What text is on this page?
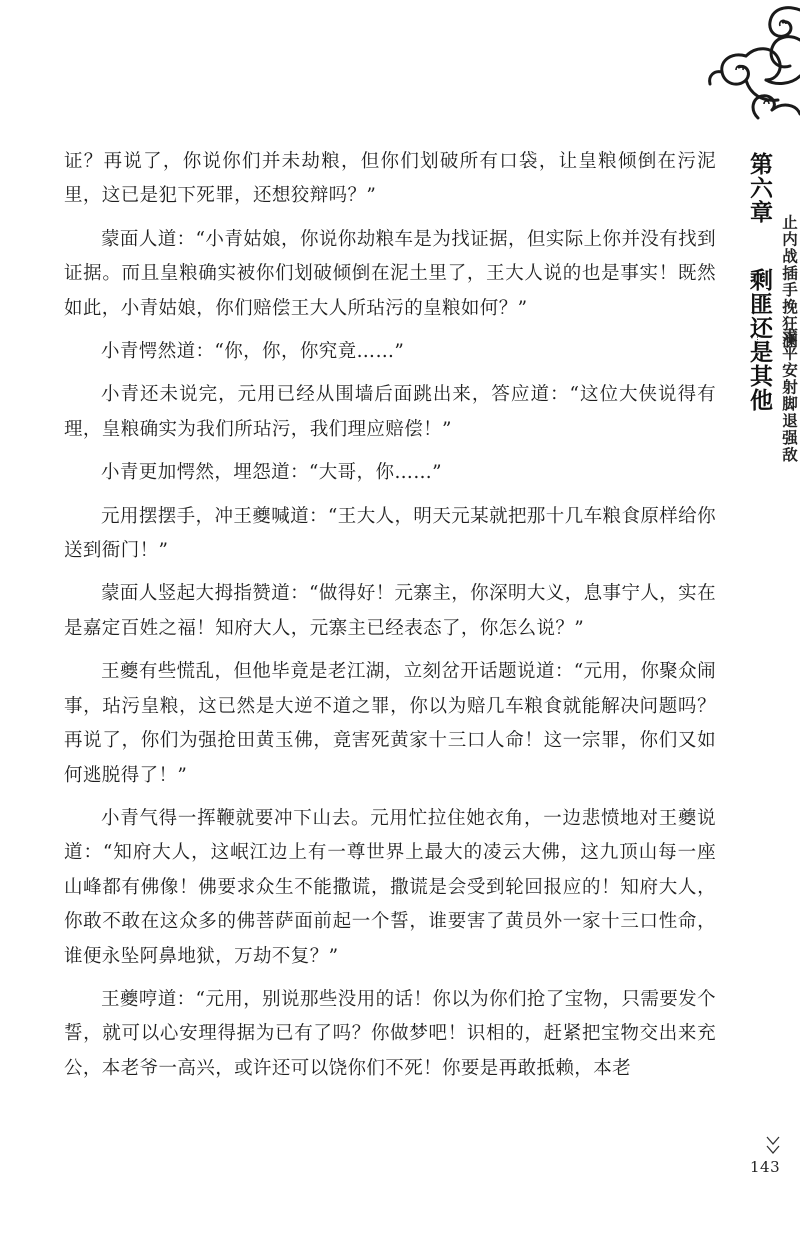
第六章 剩匪还是其他 止内战插手挽狂澜
求平安射脚退强敌

证？再说了，你说你们并未劫粮，但你们划破所有口袋，让皇粮倾倒在污泥里，这已是犯下死罪，还想狡辩吗？”

蒙面人道：“小青姑娘，你说你劫粮车是为找证据，但实际上你并没有找到证据。而且皇粮确实被你们划破倾倒在泥土里了，王大人说的也是事实！既然如此，小青姑娘，你们赔偿王大人所玷污的皇粮如何？”

小青愕然道：“你，你，你究竟……”

小青还未说完，元用已经从围墙后面跳出来，答应道：“这位大侠说得有理，皇粮确实为我们所玷污，我们理应赔偿！”

小青更加愕然，埋怨道：“大哥，你……”

元用摆摆手，冲王夔喊道：“王大人，明天元某就把那十几车粮食原样给你送到衙门！”

蒙面人竖起大拇指赞道：“做得好！元寨主，你深明大义，息事宁人，实在是嘉定百姓之福！知府大人，元寨主已经表态了，你怎么说？”

王夔有些慌乱，但他毕竟是老江湖，立刻岔开话题说道：“元用，你聚众闹事，玷污皇粮，这已然是大逆不道之罪，你以为赔几车粮食就能解决问题吗？再说了，你们为强抢田黄玉佛，竟害死黄家十三口人命！这一宗罪，你们又如何逃脱得了！”

小青气得一挥鞭就要冲下山去。元用忙拉住她衣角，一边悲愤地对王夔说道：“知府大人，这岷江边上有一尊世界上最大的凌云大佛，这九顶山每一座山峰都有佛像！佛要求众生不能撒谎，撒谎是会受到轮回报应的！知府大人，你敢不敢在这众多的佛菩萨面前起一个誓，谁要害了黄员外一家十三口性命，谁便永坠阿鼻地狱，万劫不复？”

王夔哼道：“元用，别说那些没用的话！你以为你们抢了宝物，只需要发个誓，就可以心安理得据为已有了吗？你做梦吧！识相的，赶紧把宝物交出来充公，本老爷一高兴，或许还可以饶你们不死！你要是再敢抵赖，本老

143
